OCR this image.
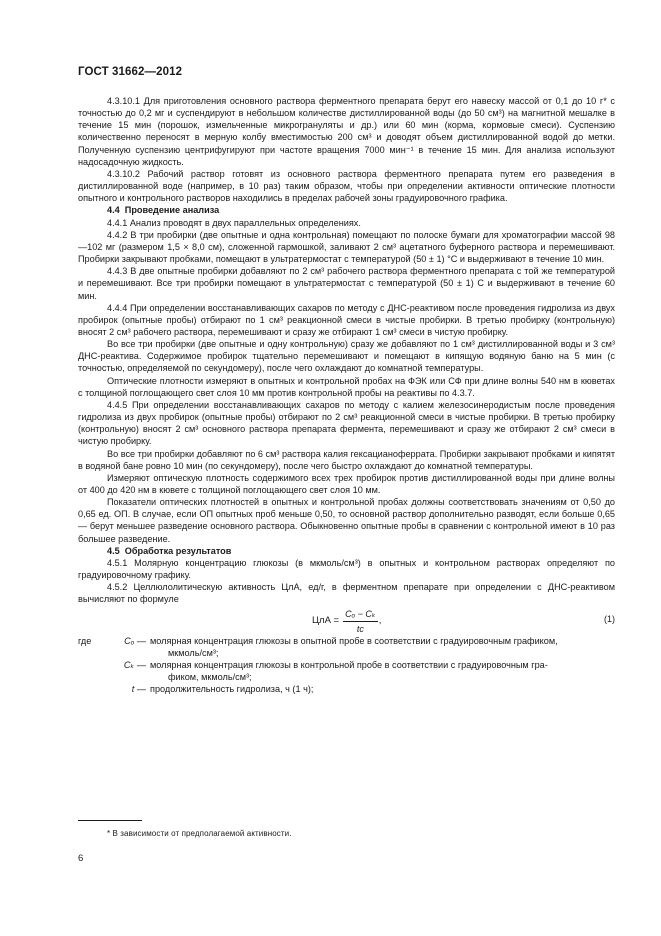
ГОСТ 31662—2012

4.3.10.1 Для приготовления основного раствора ферментного препарата берут его навеску массой от 0,1 до 10 г* с точностью до 0,2 мг и суспендируют в небольшом количестве дистиллированной воды (до 50 см³) на магнитной мешалке в течение 15 мин (порошок, измельченные микрогрануляты и др.) или 60 мин (корма, кормовые смеси). Суспензию количественно переносят в мерную колбу вместимостью 200 см³ и доводят объем дистиллированной водой до метки. Полученную суспензию центрифугируют при частоте вращения 7000 мин⁻¹ в течение 15 мин. Для анализа используют надосадочную жидкость.

4.3.10.2 Рабочий раствор готовят из основного раствора ферментного препарата путем его разведения в дистиллированной воде (например, в 10 раз) таким образом, чтобы при определении активности оптические плотности опытного и контрольного растворов находились в пределах рабочей зоны градуировочного графика.

4.4 Проведение анализа

4.4.1 Анализ проводят в двух параллельных определениях.

4.4.2 В три пробирки (две опытные и одна контрольная) помещают по полоске бумаги для хроматографии массой 98—102 мг (размером 1,5 × 8,0 см), сложенной гармошкой, заливают 2 см³ ацетатного буферного раствора и перемешивают. Пробирки закрывают пробками, помещают в ультратермостат с температурой (50 ± 1) °С и выдерживают в течение 10 мин.

4.4.3 В две опытные пробирки добавляют по 2 см³ рабочего раствора ферментного препарата с той же температурой и перемешивают. Все три пробирки помещают в ультратермостат с температурой (50 ± 1) С и выдерживают в течение 60 мин.

4.4.4 При определении восстанавливающих сахаров по методу с ДНС-реактивом после проведения гидролиза из двух пробирок (опытные пробы) отбирают по 1 см³ реакционной смеси в чистые пробирки. В третью пробирку (контрольную) вносят 2 см³ рабочего раствора, перемешивают и сразу же отбирают 1 см³ смеси в чистую пробирку.

Во все три пробирки (две опытные и одну контрольную) сразу же добавляют по 1 см³ дистиллированной воды и 3 см³ ДНС-реактива. Содержимое пробирок тщательно перемешивают и помещают в кипящую водяную баню на 5 мин (с точностью, определяемой по секундомеру), после чего охлаждают до комнатной температуры.

Оптические плотности измеряют в опытных и контрольной пробах на ФЭК или СФ при длине волны 540 нм в кюветах с толщиной поглощающего свет слоя 10 мм против контрольной пробы на реактивы по 4.3.7.

4.4.5 При определении восстанавливающих сахаров по методу с калием железосинеродистым после проведения гидролиза из двух пробирок (опытные пробы) отбирают по 2 см³ реакционной смеси в чистые пробирки. В третью пробирку (контрольную) вносят 2 см³ основного раствора препарата фермента, перемешивают и сразу же отбирают 2 см³ смеси в чистую пробирку.

Во все три пробирки добавляют по 6 см³ раствора калия гексацианоферрата. Пробирки закрывают пробками и кипятят в водяной бане ровно 10 мин (по секундомеру), после чего быстро охлаждают до комнатной температуры.

Измеряют оптическую плотность содержимого всех трех пробирок против дистиллированной воды при длине волны от 400 до 420 нм в кювете с толщиной поглощающего свет слоя 10 мм.

Показатели оптических плотностей в опытных и контрольной пробах должны соответствовать значениям от 0,50 до 0,65 ед. ОП. В случае, если ОП опытных проб меньше 0,50, то основной раствор дополнительно разводят, если больше 0,65 — берут меньшее разведение основного раствора. Обыкновенно опытные пробы в сравнении с контрольной имеют в 10 раз большее разведение.

4.5 Обработка результатов

4.5.1 Молярную концентрацию глюкозы (в мкмоль/см³) в опытных и контрольном растворах определяют по градуировочному графику.

4.5.2 Целлюлолитическую активность ЦлА, ед/г, в ферментном препарате при определении с ДНС-реактивом вычисляют по формуле

ЦлА = $\frac{\text{Cₒ − Cₖ}}{tc}$ ,	(1)
где	Cₒ — молярная концентрация глюкозы в опытной пробе в соответствии с градуировочным графиком,
мкмоль/см³;
Cₖ — молярная концентрация глюкозы в контрольной пробе в соответствии с градуировочным гра-
фиком, мкмоль/см³;
t — продолжительность гидролиза, ч (1 ч);
* В зависимости от предполагаемой активности.
6
